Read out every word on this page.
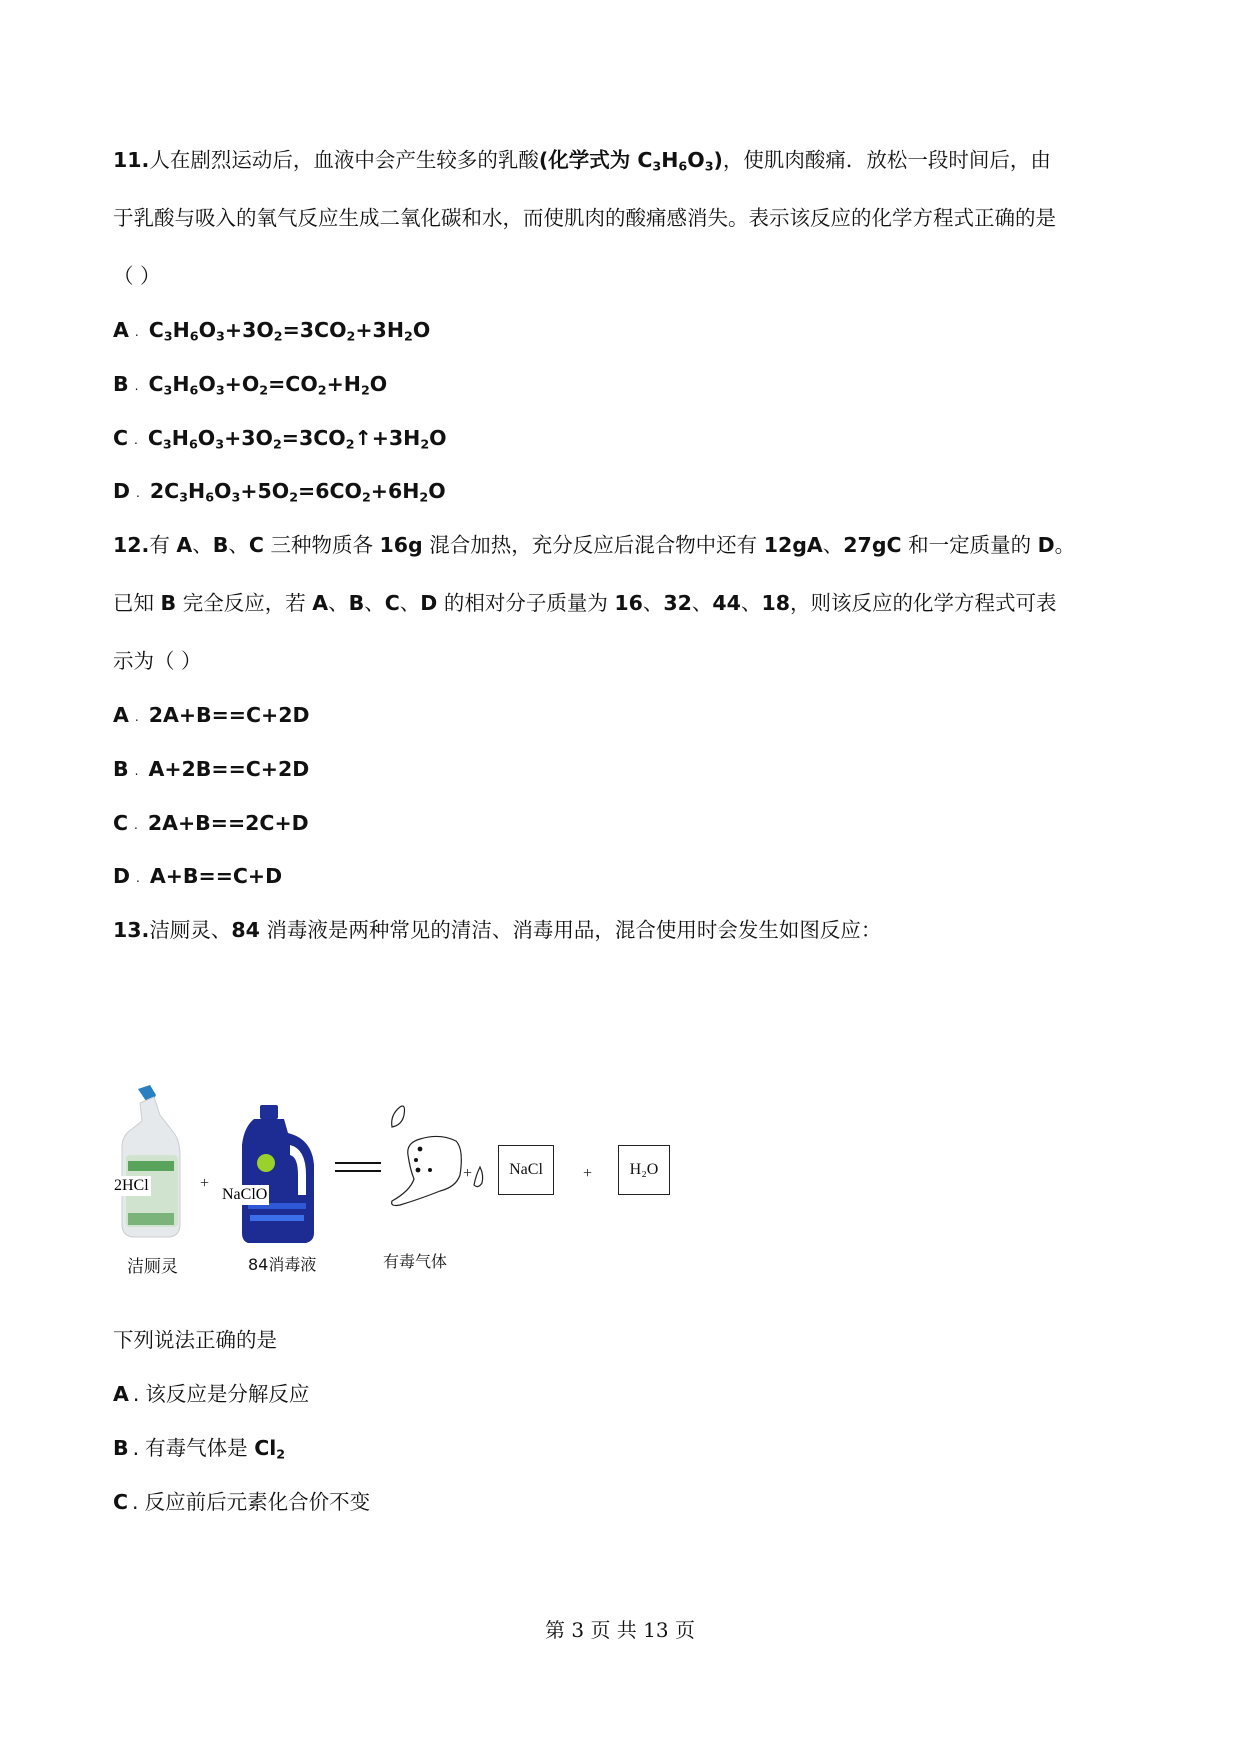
11.人在剧烈运动后，血液中会产生较多的乳酸(化学式为 $C_3H_6O_3$)，使肌肉酸痛．放松一段时间后，由
于乳酸与吸入的氧气反应生成二氧化碳和水，而使肌肉的酸痛感消失。表示该反应的化学方程式正确的是
（ ）
A . $C_3H_6O_3+3O_2=3CO_2+3H_2O$
B . $C_3H_6O_3+O_2=CO_2+H_2O$
C . $C_3H_6O_3+3O_2=3CO_2↑+3H_2O$
D . $2C_3H_6O_3+5O_2=6CO_2+6H_2O$
12.有 A、B、C 三种物质各 16g 混合加热，充分反应后混合物中还有 12gA、27gC 和一定质量的 D。
已知 B 完全反应，若 A、B、C、D 的相对分子质量为 16、32、44、18，则该反应的化学方程式可表
示为（ ）
A . 2A+B==C+2D
B . A+2B==C+2D
C . 2A+B==2C+D
D . A+B==C+D
13.洁厕灵、84 消毒液是两种常见的清洁、消毒用品，混合使用时会发生如图反应：
2HCl	+
NaClO
+	NaCl	+	H₂O
洁厕灵	84消毒液	有毒气体
下列说法正确的是
A . 该反应是分解反应
B . 有毒气体是 $Cl_2$
C . 反应前后元素化合价不变
第 3 页 共 13 页
